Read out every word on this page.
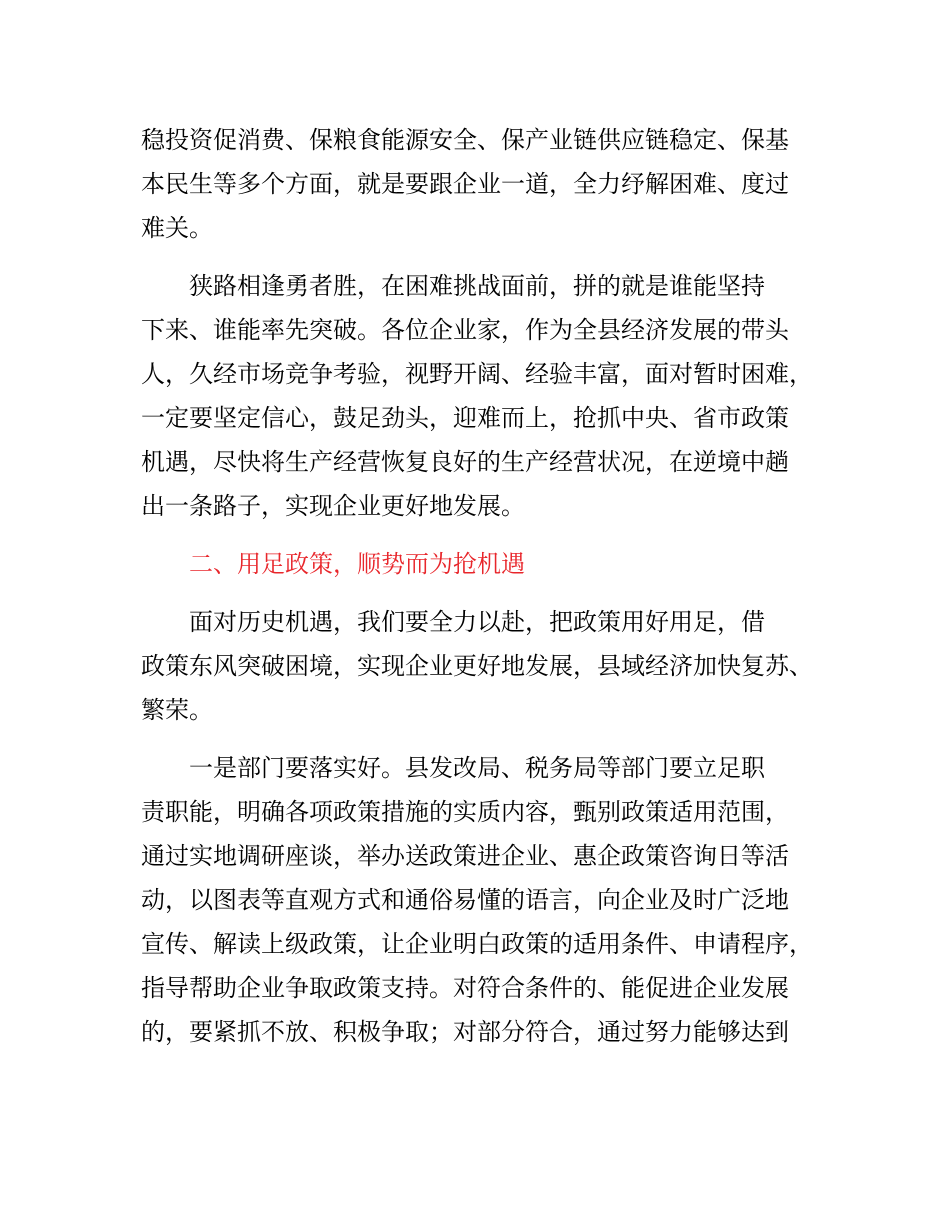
稳投资促消费、保粮食能源安全、保产业链供应链稳定、保基
本民生等多个方面，就是要跟企业一道，全力纾解困难、度过
难关。
狭路相逢勇者胜，在困难挑战面前，拼的就是谁能坚持
下来、谁能率先突破。各位企业家，作为全县经济发展的带头
人，久经市场竞争考验，视野开阔、经验丰富，面对暂时困难，
一定要坚定信心，鼓足劲头，迎难而上，抢抓中央、省市政策
机遇，尽快将生产经营恢复良好的生产经营状况，在逆境中趟
出一条路子，实现企业更好地发展。
二、用足政策，顺势而为抢机遇
面对历史机遇，我们要全力以赴，把政策用好用足，借
政策东风突破困境，实现企业更好地发展，县域经济加快复苏、
繁荣。
一是部门要落实好。县发改局、税务局等部门要立足职
责职能，明确各项政策措施的实质内容，甄别政策适用范围，
通过实地调研座谈，举办送政策进企业、惠企政策咨询日等活
动，以图表等直观方式和通俗易懂的语言，向企业及时广泛地
宣传、解读上级政策，让企业明白政策的适用条件、申请程序，
指导帮助企业争取政策支持。对符合条件的、能促进企业发展
的，要紧抓不放、积极争取；对部分符合，通过努力能够达到
